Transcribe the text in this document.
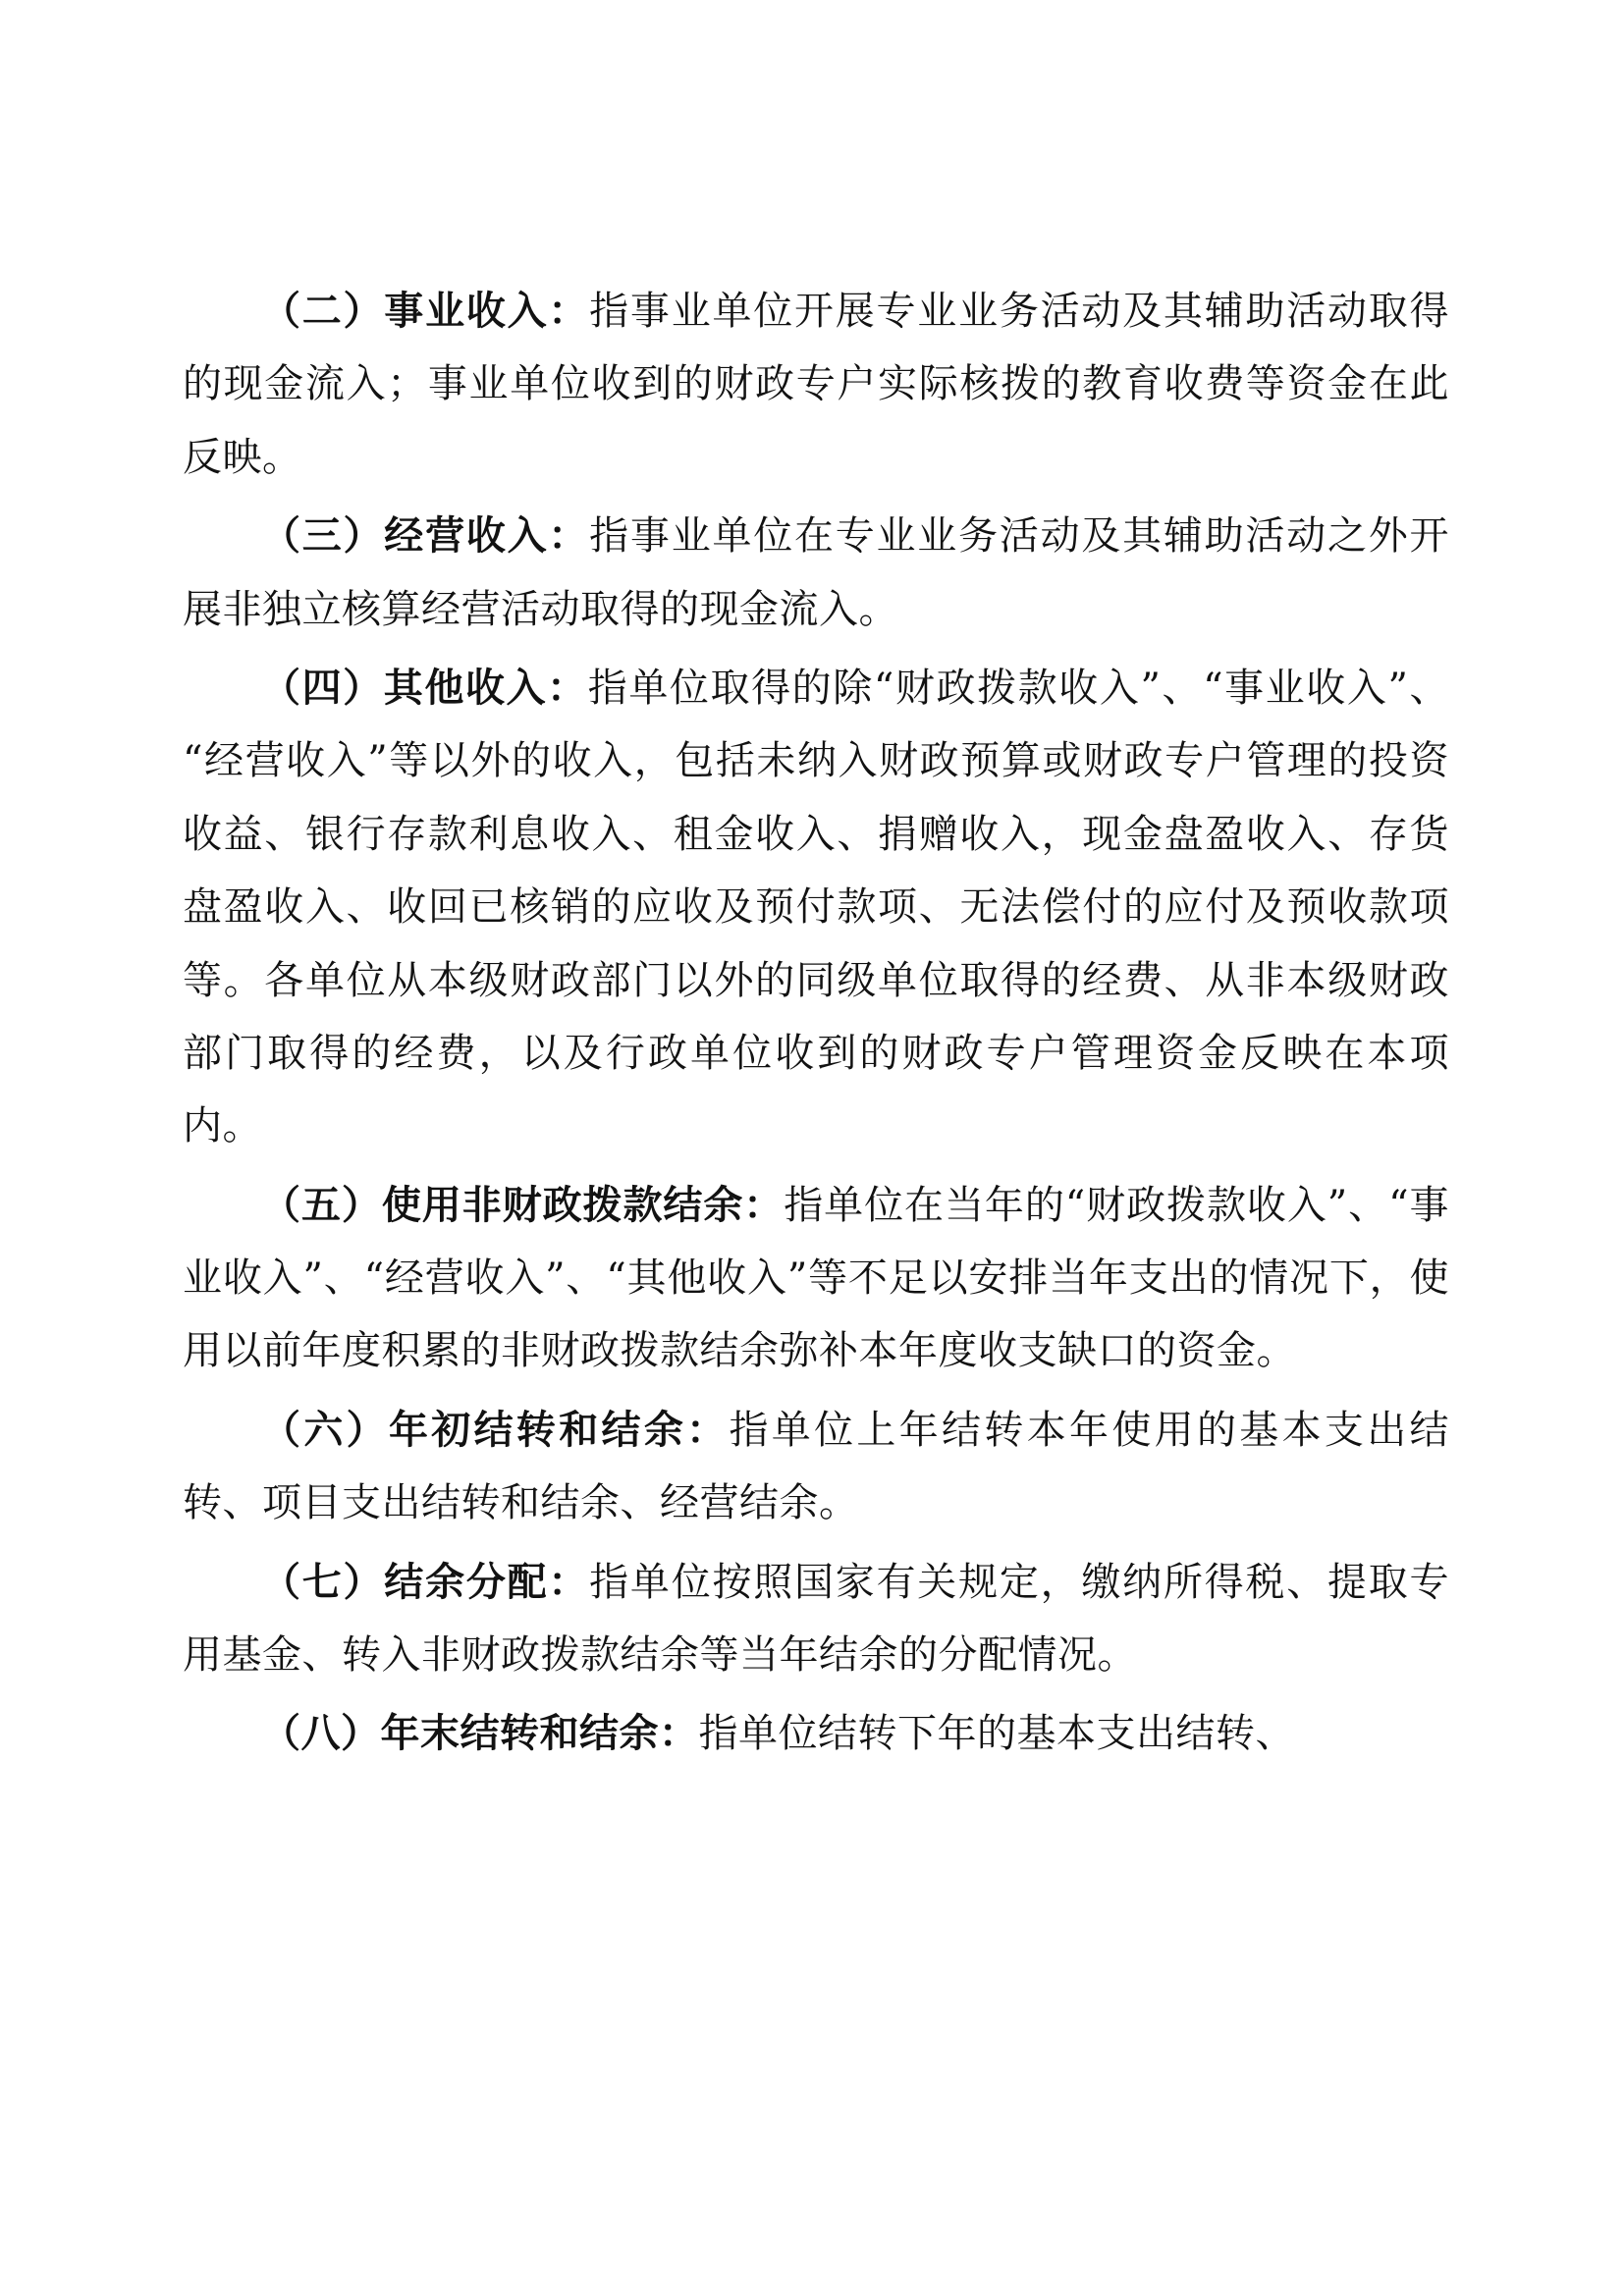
（二）事业收入：指事业单位开展专业业务活动及其辅助活动取得的现金流入；事业单位收到的财政专户实际核拨的教育收费等资金在此反映。

（三）经营收入：指事业单位在专业业务活动及其辅助活动之外开展非独立核算经营活动取得的现金流入。

（四）其他收入：指单位取得的除“财政拨款收入”、“事业收入”、“经营收入”等以外的收入，包括未纳入财政预算或财政专户管理的投资收益、银行存款利息收入、租金收入、捐赠收入，现金盘盈收入、存货盘盈收入、收回已核销的应收及预付款项、无法偿付的应付及预收款项等。各单位从本级财政部门以外的同级单位取得的经费、从非本级财政部门取得的经费，以及行政单位收到的财政专户管理资金反映在本项内。

（五）使用非财政拨款结余：指单位在当年的“财政拨款收入”、“事业收入”、“经营收入”、“其他收入”等不足以安排当年支出的情况下，使用以前年度积累的非财政拨款结余弥补本年度收支缺口的资金。

（六）年初结转和结余：指单位上年结转本年使用的基本支出结转、项目支出结转和结余、经营结余。

（七）结余分配：指单位按照国家有关规定，缴纳所得税、提取专用基金、转入非财政拨款结余等当年结余的分配情况。

（八）年末结转和结余：指单位结转下年的基本支出结转、
